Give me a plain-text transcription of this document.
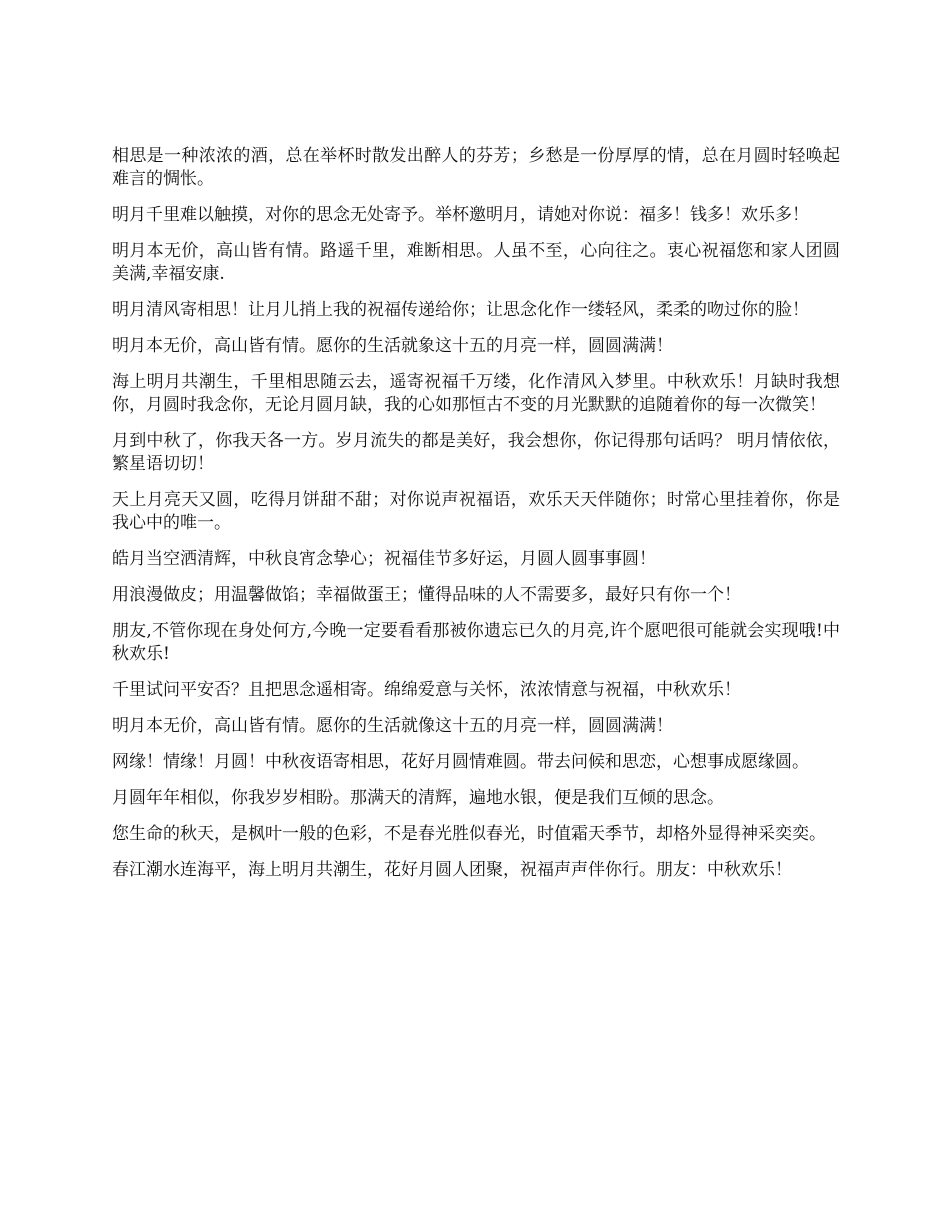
相思是一种浓浓的酒，总在举杯时散发出醉人的芬芳；乡愁是一份厚厚的情，总在月圆时轻唤起难言的惆怅。

明月千里难以触摸，对你的思念无处寄予。举杯邀明月，请她对你说：福多！钱多！欢乐多！

明月本无价，高山皆有情。路遥千里，难断相思。人虽不至，心向往之。衷心祝福您和家人团圆美满,幸福安康.

明月清风寄相思！让月儿捎上我的祝福传递给你；让思念化作一缕轻风，柔柔的吻过你的脸！

明月本无价，高山皆有情。愿你的生活就象这十五的月亮一样，圆圆满满！

海上明月共潮生，千里相思随云去，遥寄祝福千万缕，化作清风入梦里。中秋欢乐！月缺时我想你，月圆时我念你，无论月圆月缺，我的心如那恒古不变的月光默默的追随着你的每一次微笑！

月到中秋了，你我天各一方。岁月流失的都是美好，我会想你，你记得那句话吗？ 明月情依依，繁星语切切！

天上月亮天又圆，吃得月饼甜不甜；对你说声祝福语，欢乐天天伴随你；时常心里挂着你，你是我心中的唯一。

皓月当空洒清辉，中秋良宵念挚心；祝福佳节多好运，月圆人圆事事圆！

用浪漫做皮；用温馨做馅；幸福做蛋王；懂得品味的人不需要多，最好只有你一个！

朋友,不管你现在身处何方,今晚一定要看看那被你遗忘已久的月亮,许个愿吧很可能就会实现哦!中秋欢乐!

千里试问平安否？且把思念遥相寄。绵绵爱意与关怀，浓浓情意与祝福，中秋欢乐！

明月本无价，高山皆有情。愿你的生活就像这十五的月亮一样，圆圆满满！

网缘！情缘！月圆！中秋夜语寄相思，花好月圆情难圆。带去问候和思恋，心想事成愿缘圆。

月圆年年相似，你我岁岁相盼。那满天的清辉，遍地水银，便是我们互倾的思念。

您生命的秋天，是枫叶一般的色彩，不是春光胜似春光，时值霜天季节，却格外显得神采奕奕。

春江潮水连海平，海上明月共潮生，花好月圆人团聚，祝福声声伴你行。朋友：中秋欢乐！
